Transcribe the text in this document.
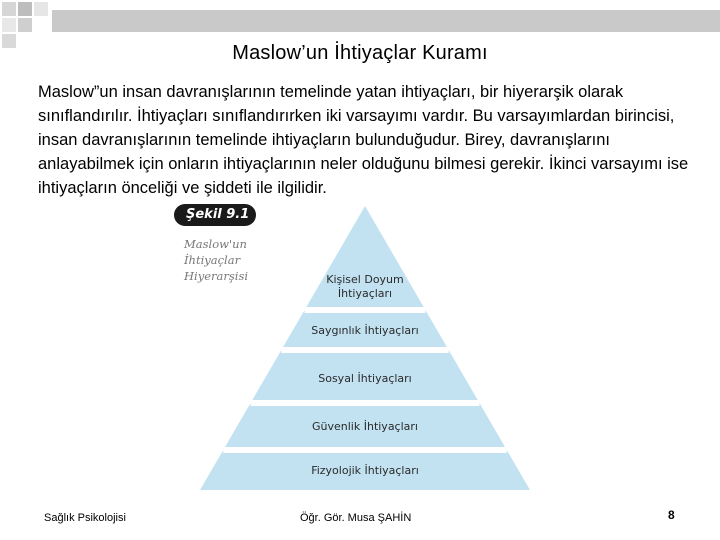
Maslow’un İhtiyaçlar Kuramı

Maslow”un insan davranışlarının temelinde yatan ihtiyaçları, bir hiyerarşik olarak sınıflandırılır. İhtiyaçları sınıflandırırken iki varsayımı vardır. Bu varsayımlardan birincisi, insan davranışlarının temelinde ihtiyaçların bulunduğudur. Birey, davranışlarını anlayabilmek için onların ihtiyaçlarının neler olduğunu bilmesi gerekir. İkinci varsayımı ise ihtiyaçların önceliği ve şiddeti ile ilgilidir.

Kişisel Doyum İhtiyaçları
Saygınlık İhtiyaçları
Sosyal İhtiyaçları
Güvenlik İhtiyaçları
Fizyolojik İhtiyaçları
Şekil 9.1
Maslow'un
İhtiyaçlar
Hiyerarşisi
Sağlık Psikolojisi	Öğr. Gör. Musa ŞAHİN	8
